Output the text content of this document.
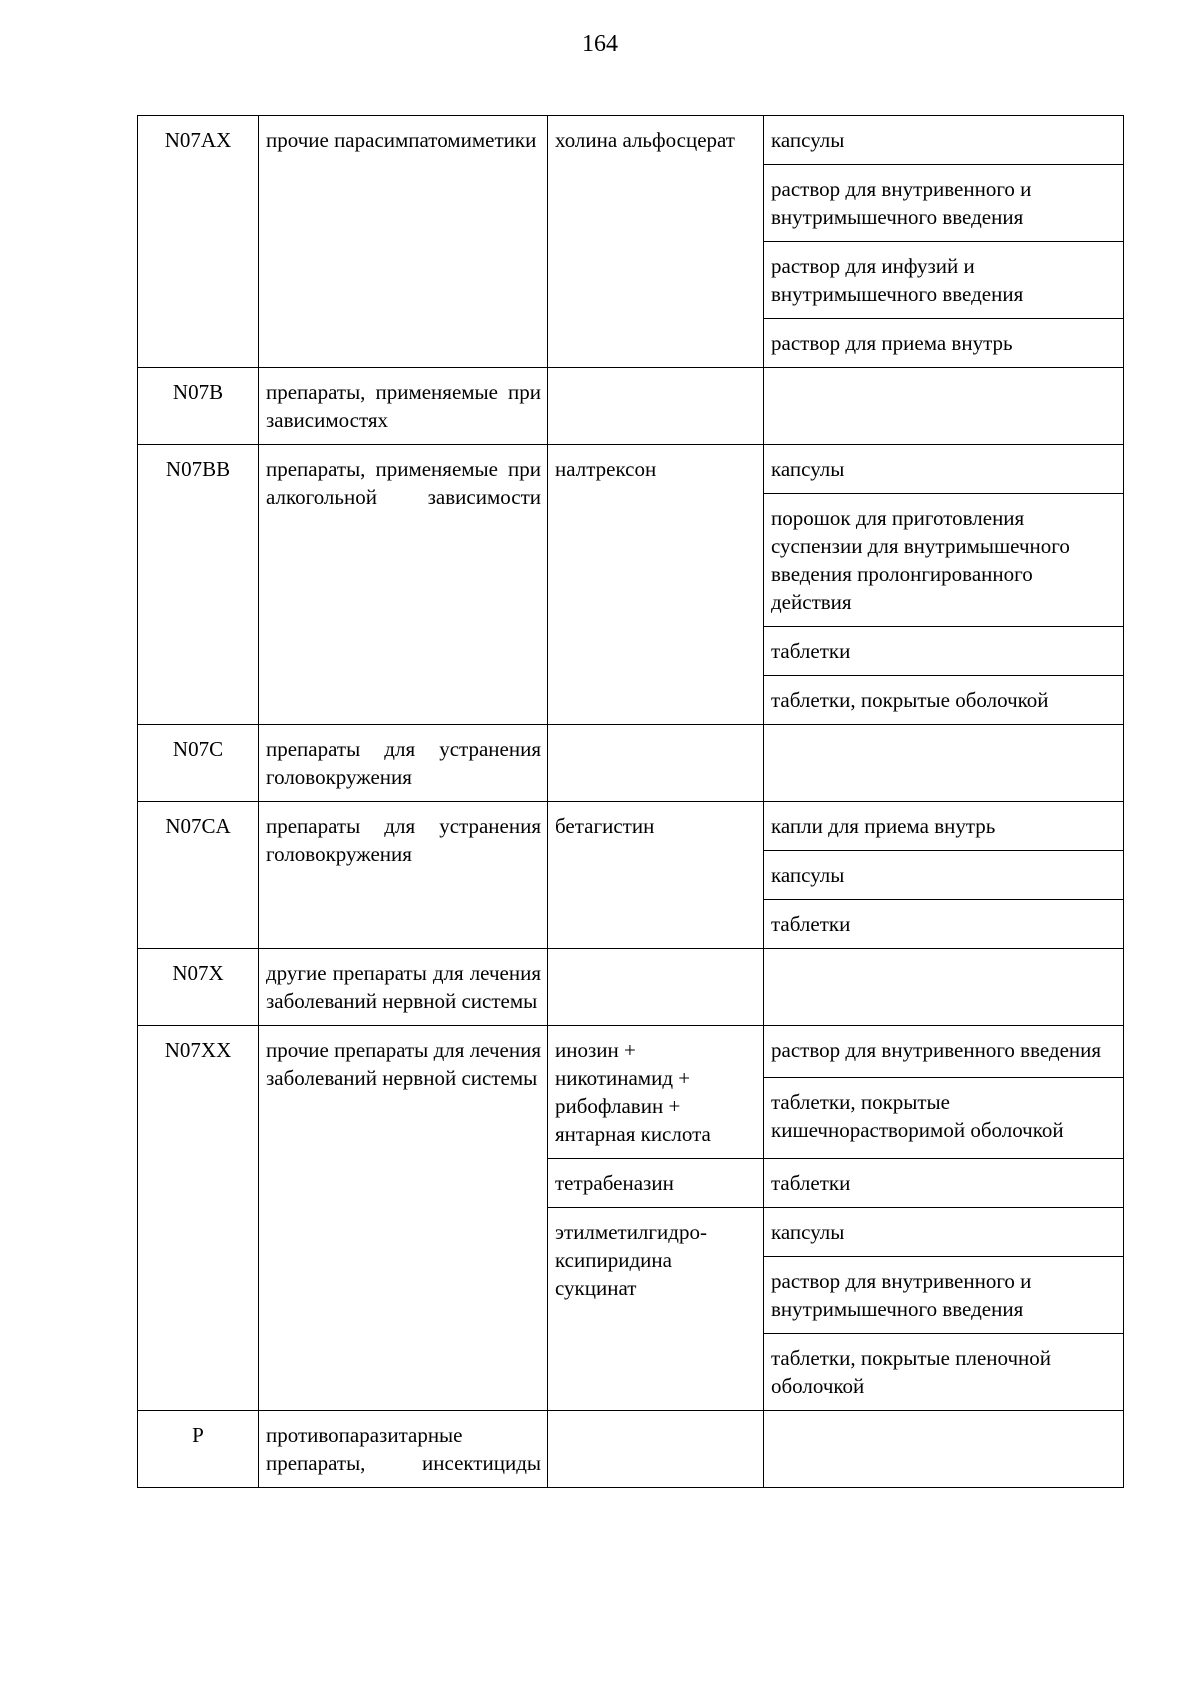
164
N07AX	прочие парасимпатомиметики	холина альфосцерат	капсулы
			раствор для внутривенного и внутримышечного введения
			раствор для инфузий и внутримышечного введения
			раствор для приема внутрь
N07B	препараты, применяемые при зависимостях		
N07BB	препараты, применяемые при алкогольной зависимости	налтрексон	капсулы
			порошок для приготовления суспензии для внутримышечного введения пролонгированного действия
			таблетки
			таблетки, покрытые оболочкой
N07C	препараты для устранения головокружения		
N07CA	препараты для устранения головокружения	бетагистин	капли для приема внутрь
			капсулы
			таблетки
N07X	другие препараты для лечения заболеваний нервной системы		
N07XX	прочие препараты для лечения заболеваний нервной системы	инозин + никотинамид + рибофлавин + янтарная кислота	раствор для внутривенного введения
			таблетки, покрытые кишечнорастворимой оболочкой
		тетрабеназин	таблетки
		этилметилгидро-ксипиридина сукцинат	капсулы
			раствор для внутривенного и внутримышечного введения
			таблетки, покрытые пленочной оболочкой
P	противопаразитарные препараты, инсектициды		
